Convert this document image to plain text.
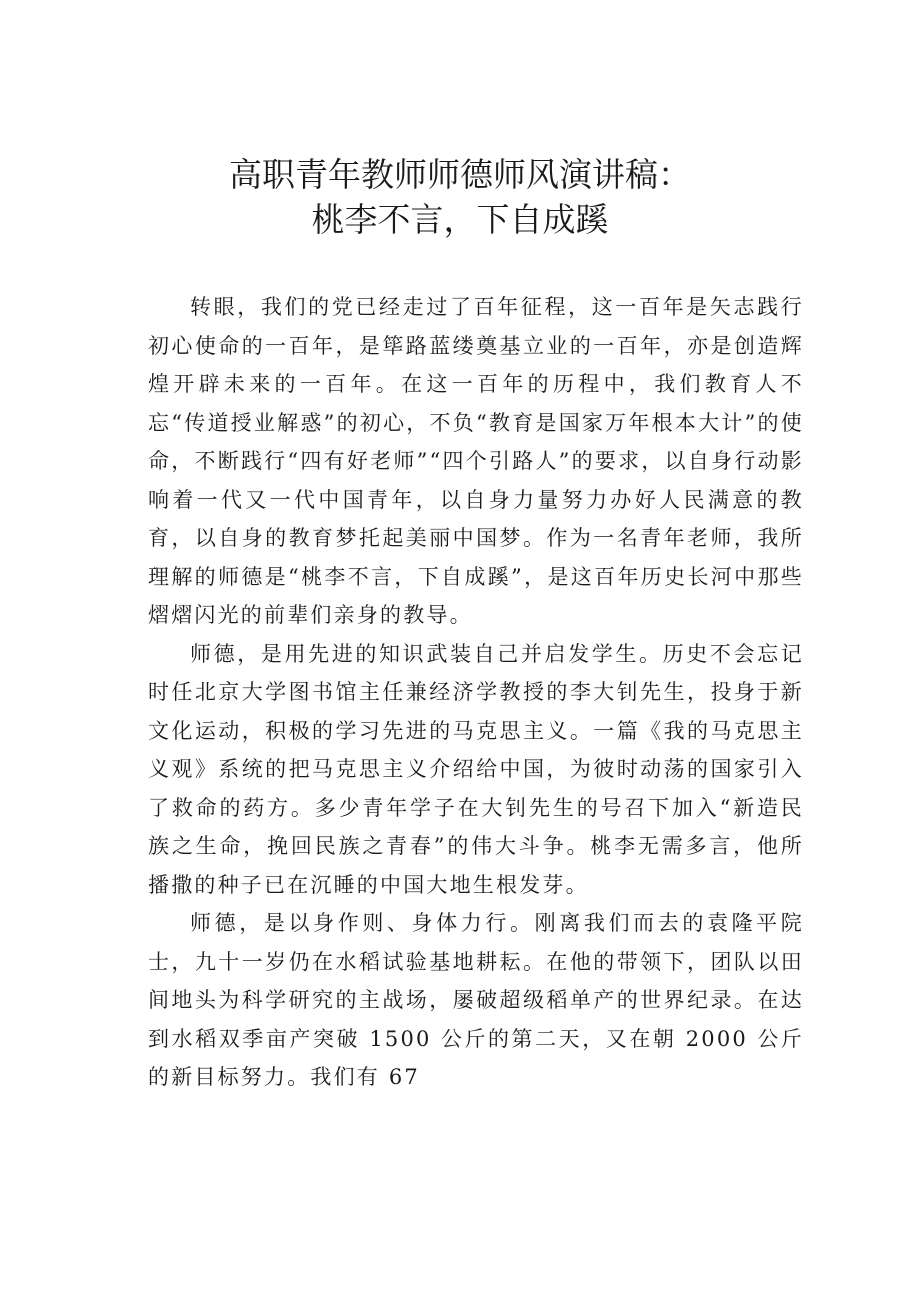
高职青年教师师德师风演讲稿：
桃李不言，下自成蹊

转眼，我们的党已经走过了百年征程，这一百年是矢志践行初心使命的一百年，是筚路蓝缕奠基立业的一百年，亦是创造辉煌开辟未来的一百年。在这一百年的历程中，我们教育人不忘“传道授业解惑”的初心，不负“教育是国家万年根本大计”的使命，不断践行“四有好老师”“四个引路人”的要求，以自身行动影响着一代又一代中国青年，以自身力量努力办好人民满意的教育，以自身的教育梦托起美丽中国梦。作为一名青年老师，我所理解的师德是“桃李不言，下自成蹊”，是这百年历史长河中那些熠熠闪光的前辈们亲身的教导。

师德，是用先进的知识武装自己并启发学生。历史不会忘记时任北京大学图书馆主任兼经济学教授的李大钊先生，投身于新文化运动，积极的学习先进的马克思主义。一篇《我的马克思主义观》系统的把马克思主义介绍给中国，为彼时动荡的国家引入了救命的药方。多少青年学子在大钊先生的号召下加入“新造民族之生命，挽回民族之青春”的伟大斗争。桃李无需多言，他所播撒的种子已在沉睡的中国大地生根发芽。

师德，是以身作则、身体力行。刚离我们而去的袁隆平院士，九十一岁仍在水稻试验基地耕耘。在他的带领下，团队以田间地头为科学研究的主战场，屡破超级稻单产的世界纪录。在达到水稻双季亩产突破 1500 公斤的第二天，又在朝 2000 公斤的新目标努力。我们有 67
